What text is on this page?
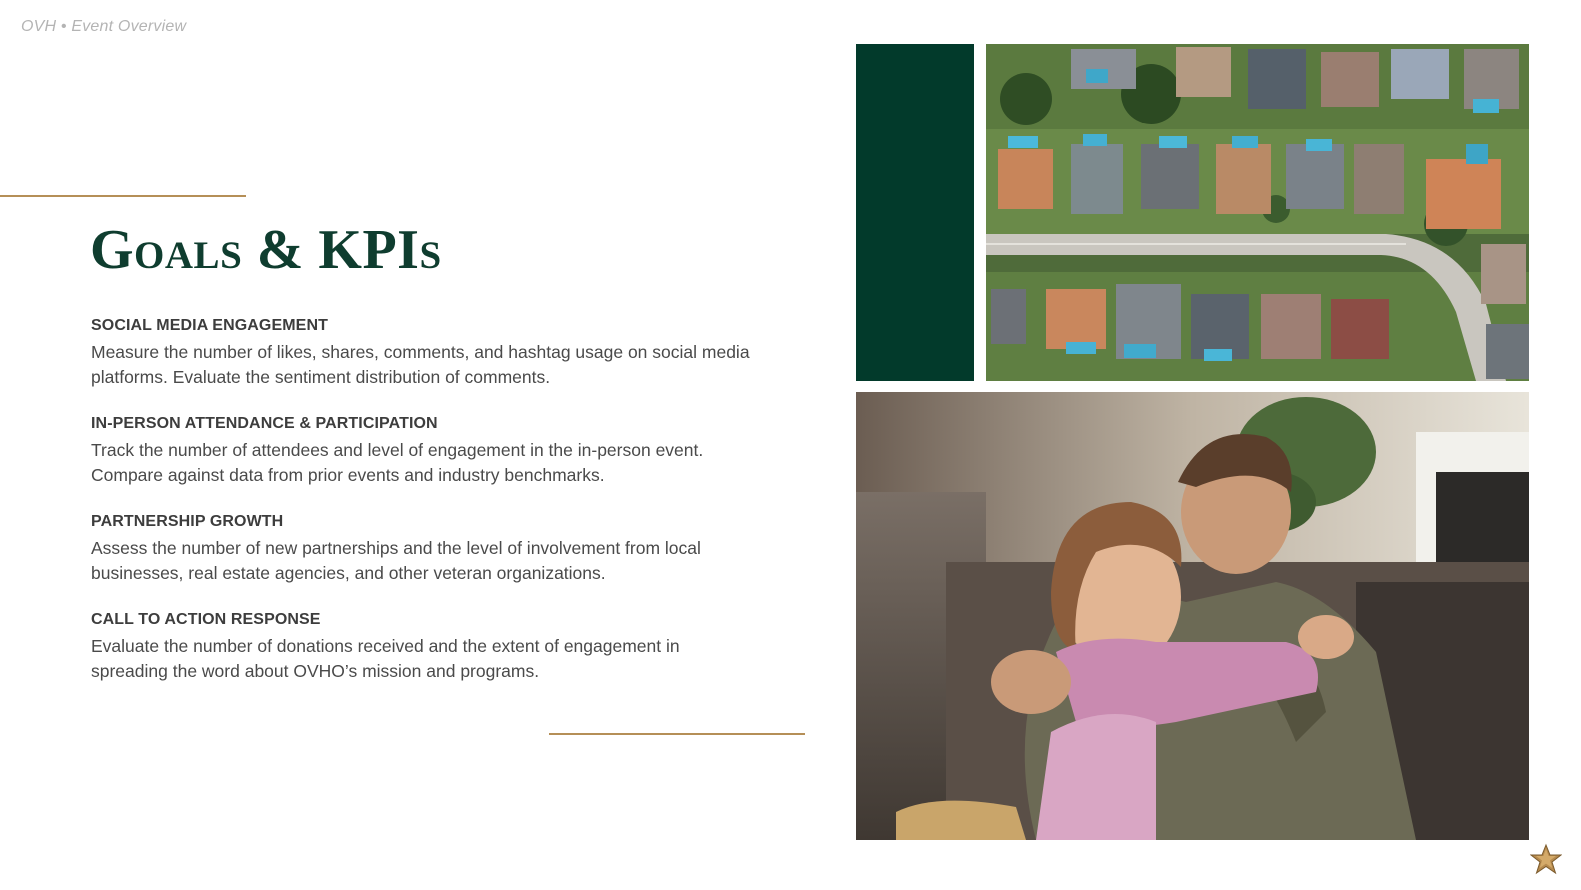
OVH • Event Overview
Goals & KPIs
SOCIAL MEDIA ENGAGEMENT
Measure the number of likes, shares, comments, and hashtag usage on social media platforms. Evaluate the sentiment distribution of comments.
IN-PERSON ATTENDANCE & PARTICIPATION
Track the number of attendees and level of engagement in the in-person event. Compare against data from prior events and industry benchmarks.
PARTNERSHIP GROWTH
Assess the number of new partnerships and the level of involvement from local businesses, real estate agencies, and other veteran organizations.
CALL TO ACTION RESPONSE
Evaluate the number of donations received and the extent of engagement in spreading the word about OVHO’s mission and programs.
